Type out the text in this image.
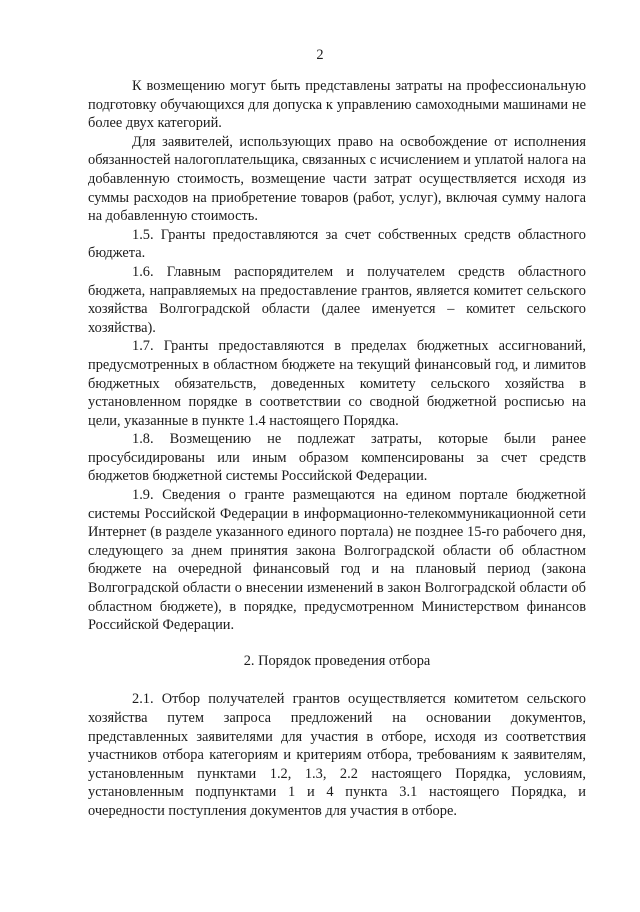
2

К возмещению могут быть представлены затраты на профессиональную подготовку обучающихся для допуска к управлению самоходными машинами не более двух категорий.

Для заявителей, использующих право на освобождение от исполнения обязанностей налогоплательщика, связанных с исчислением и уплатой налога на добавленную стоимость, возмещение части затрат осуществляется исходя из суммы расходов на приобретение товаров (работ, услуг), включая сумму налога на добавленную стоимость.

1.5. Гранты предоставляются за счет собственных средств областного бюджета.

1.6. Главным распорядителем и получателем средств областного бюджета, направляемых на предоставление грантов, является комитет сельского хозяйства Волгоградской области (далее именуется – комитет сельского хозяйства).

1.7. Гранты предоставляются в пределах бюджетных ассигнований, предусмотренных в областном бюджете на текущий финансовый год, и лимитов бюджетных обязательств, доведенных комитету сельского хозяйства в установленном порядке в соответствии со сводной бюджетной росписью на цели, указанные в пункте 1.4 настоящего Порядка.

1.8. Возмещению не подлежат затраты, которые были ранее просубсидированы или иным образом компенсированы за счет средств бюджетов бюджетной системы Российской Федерации.

1.9. Сведения о гранте размещаются на едином портале бюджетной системы Российской Федерации в информационно-телекоммуникационной сети Интернет (в разделе указанного единого портала) не позднее 15-го рабочего дня, следующего за днем принятия закона Волгоградской области об областном бюджете на очередной финансовый год и на плановый период (закона Волгоградской области о внесении изменений в закон Волгоградской области об областном бюджете), в порядке, предусмотренном Министерством финансов Российской Федерации.

2. Порядок проведения отбора

2.1. Отбор получателей грантов осуществляется комитетом сельского хозяйства путем запроса предложений на основании документов, представленных заявителями для участия в отборе, исходя из соответствия участников отбора категориям и критериям отбора, требованиям к заявителям, установленным пунктами 1.2, 1.3, 2.2 настоящего Порядка, условиям, установленным подпунктами 1 и 4 пункта 3.1 настоящего Порядка, и очередности поступления документов для участия в отборе.
